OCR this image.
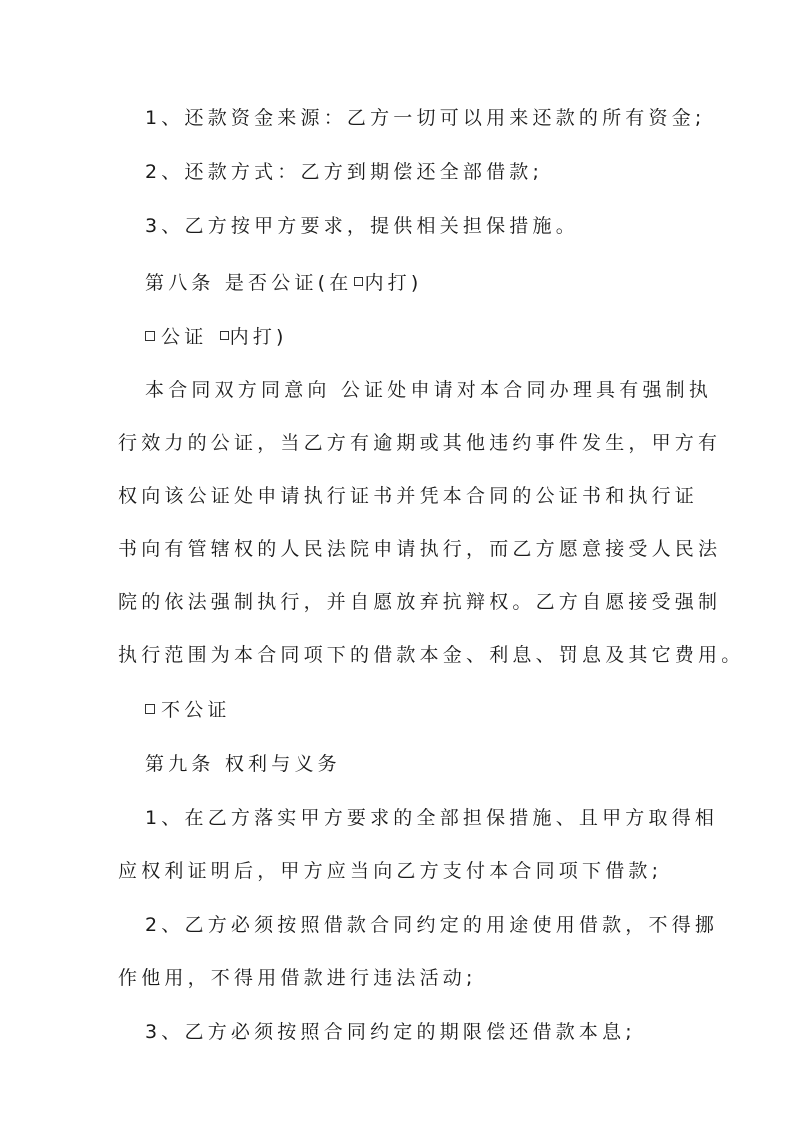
1、还款资金来源：乙方一切可以用来还款的所有资金;
2、还款方式：乙方到期偿还全部借款;
3、乙方按甲方要求，提供相关担保措施。
第八条 是否公证(在 内打)
公证 内打)
本合同双方同意向 公证处申请对本合同办理具有强制执
行效力的公证，当乙方有逾期或其他违约事件发生，甲方有
权向该公证处申请执行证书并凭本合同的公证书和执行证
书向有管辖权的人民法院申请执行，而乙方愿意接受人民法
院的依法强制执行，并自愿放弃抗辩权。乙方自愿接受强制
执行范围为本合同项下的借款本金、利息、罚息及其它费用。
不公证
第九条 权利与义务
1、在乙方落实甲方要求的全部担保措施、且甲方取得相
应权利证明后，甲方应当向乙方支付本合同项下借款;
2、乙方必须按照借款合同约定的用途使用借款，不得挪
作他用，不得用借款进行违法活动;
3、乙方必须按照合同约定的期限偿还借款本息;
